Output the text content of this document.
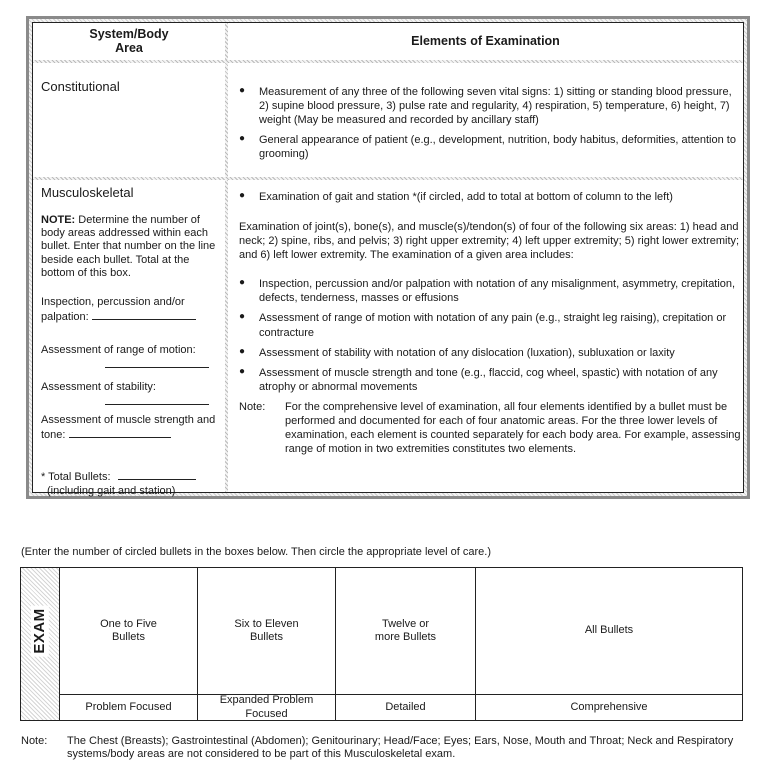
System/Body
Area	Elements of Examination
Constitutional
●	Measurement of any three of the following seven vital signs: 1) sitting or standing blood pressure, 2) supine blood pressure, 3) pulse rate and regularity, 4) respiration, 5) temperature, 6) height, 7) weight (May be measured and recorded by ancillary staff)
● General appearance of patient (e.g., development, nutrition, body habitus, deformities, attention to grooming)
Musculoskeletal
NOTE: Determine the number of body areas addressed within each bullet. Enter that number on the line beside each bullet. Total at the bottom of this box.
Inspection, percussion and/or palpation:
Assessment of range of motion:

Assessment of stability:

Assessment of muscle strength and tone:
* Total Bullets:
(including gait and station)
● Examination of gait and station *(if circled, add to total at bottom of column to the left)
Examination of joint(s), bone(s), and muscle(s)/tendon(s) of four of the following six areas: 1) head and neck; 2) spine, ribs, and pelvis; 3) right upper extremity; 4) left upper extremity; 5) right lower extremity; and 6) left lower extremity. The examination of a given area includes:
● Inspection, percussion and/or palpation with notation of any misalignment, asymmetry, crepitation, defects, tenderness, masses or effusions
● Assessment of range of motion with notation of any pain (e.g., straight leg raising), crepitation or contracture
● Assessment of stability with notation of any dislocation (luxation), subluxation or laxity
● Assessment of muscle strength and tone (e.g., flaccid, cog wheel, spastic) with notation of any atrophy or abnormal movements
Note:	For the comprehensive level of examination, all four elements identified by a bullet must be performed and documented for each of four anatomic areas. For the three lower levels of examination, each element is counted separately for each body area. For example, assessing range of motion in two extremities constitutes two elements.
(Enter the number of circled bullets in the boxes below. Then circle the appropriate level of care.)
EXAM	One to Five
Bullets
Six to Eleven
Bullets
Twelve or
more Bullets
All Bullets
Problem Focused
Expanded Problem
Focused
Detailed	Comprehensive
Note:	The Chest (Breasts); Gastrointestinal (Abdomen); Genitourinary; Head/Face; Eyes; Ears, Nose, Mouth and Throat; Neck and Respiratory systems/body areas are not considered to be part of this Musculoskeletal exam.
